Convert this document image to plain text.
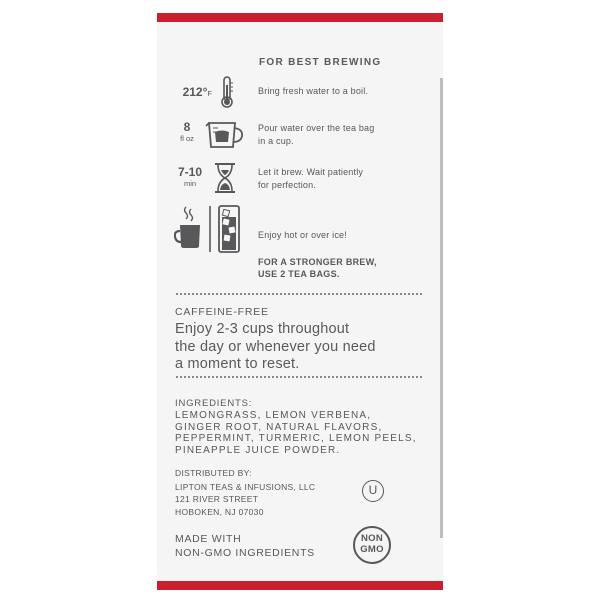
FOR BEST BREWING
212°F	Bring fresh water to a boil.
8
fl oz
Pour water over the tea bag
in a cup.
7-10
min
Let it brew. Wait patiently
for perfection.
Enjoy hot or over ice!
FOR A STRONGER BREW,
USE 2 TEA BAGS.
CAFFEINE-FREE
Enjoy 2-3 cups throughout
the day or whenever you need
a moment to reset.
INGREDIENTS:
LEMONGRASS, LEMON VERBENA,
GINGER ROOT, NATURAL FLAVORS,
PEPPERMINT, TURMERIC, LEMON PEELS,
PINEAPPLE JUICE POWDER.
DISTRIBUTED BY:
LIPTON TEAS & INFUSIONS, LLC
121 RIVER STREET
HOBOKEN, NJ 07030
U
MADE WITH
NON-GMO INGREDIENTS
NON
GMO
